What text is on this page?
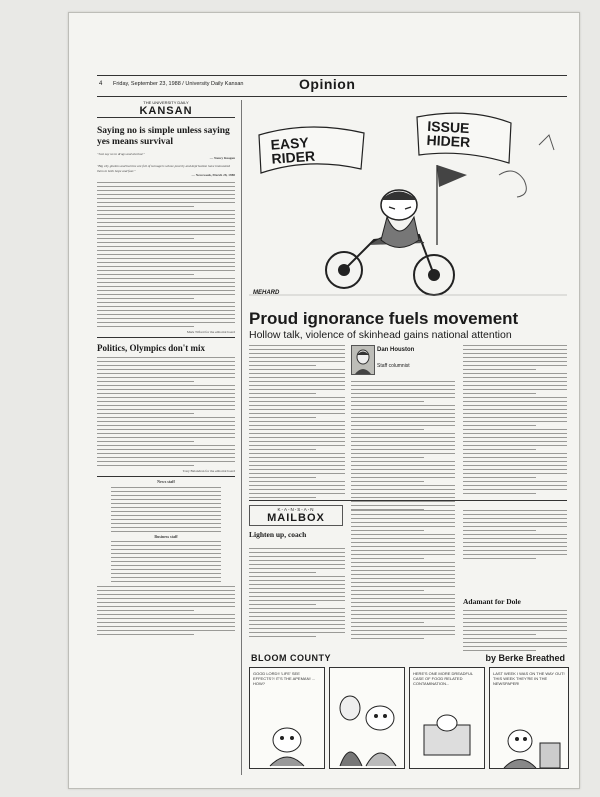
4 Friday, September 23, 1988 / University Daily Kansan	Opinion
THE UNIVERSITY DAILY
KANSAN
Saying no is simple unless saying yes means survival
"Just say no to drugs and alcohol."
— Nancy Reagan
"Big city ghettos and barrios are full of teenagers whose poverty and deprivation have immunized them to both hope and fear."
— Newsweek, March 28, 1988
Mark Tilford for the editorial board
Politics, Olympics don't mix
Tony Balandran for the editorial board
News staff
Business staff
EASY RIDER
ISSUE HIDER
MEHARD
Proud ignorance fuels movement
Hollow talk, violence of skinhead gains national attention
Dan Houston
Staff columnist
K-A-N-S-A-N
MAILBOX
Lighten up, coach
Adamant for Dole
BLOOM COUNTY	by Berke Breathed
GOOD LORD!! 'LIFE' SEE EFFECTS?! IT'S THE APEMAN! ... HOW?
HERE'S ONE MORE DREADFUL CASE OF FOOD RELATED CONTAMINATION...
LAST WEEK I WAS ON THE WAY OUT! THIS WEEK THEY'RE IN THE NEWSPAPER!
